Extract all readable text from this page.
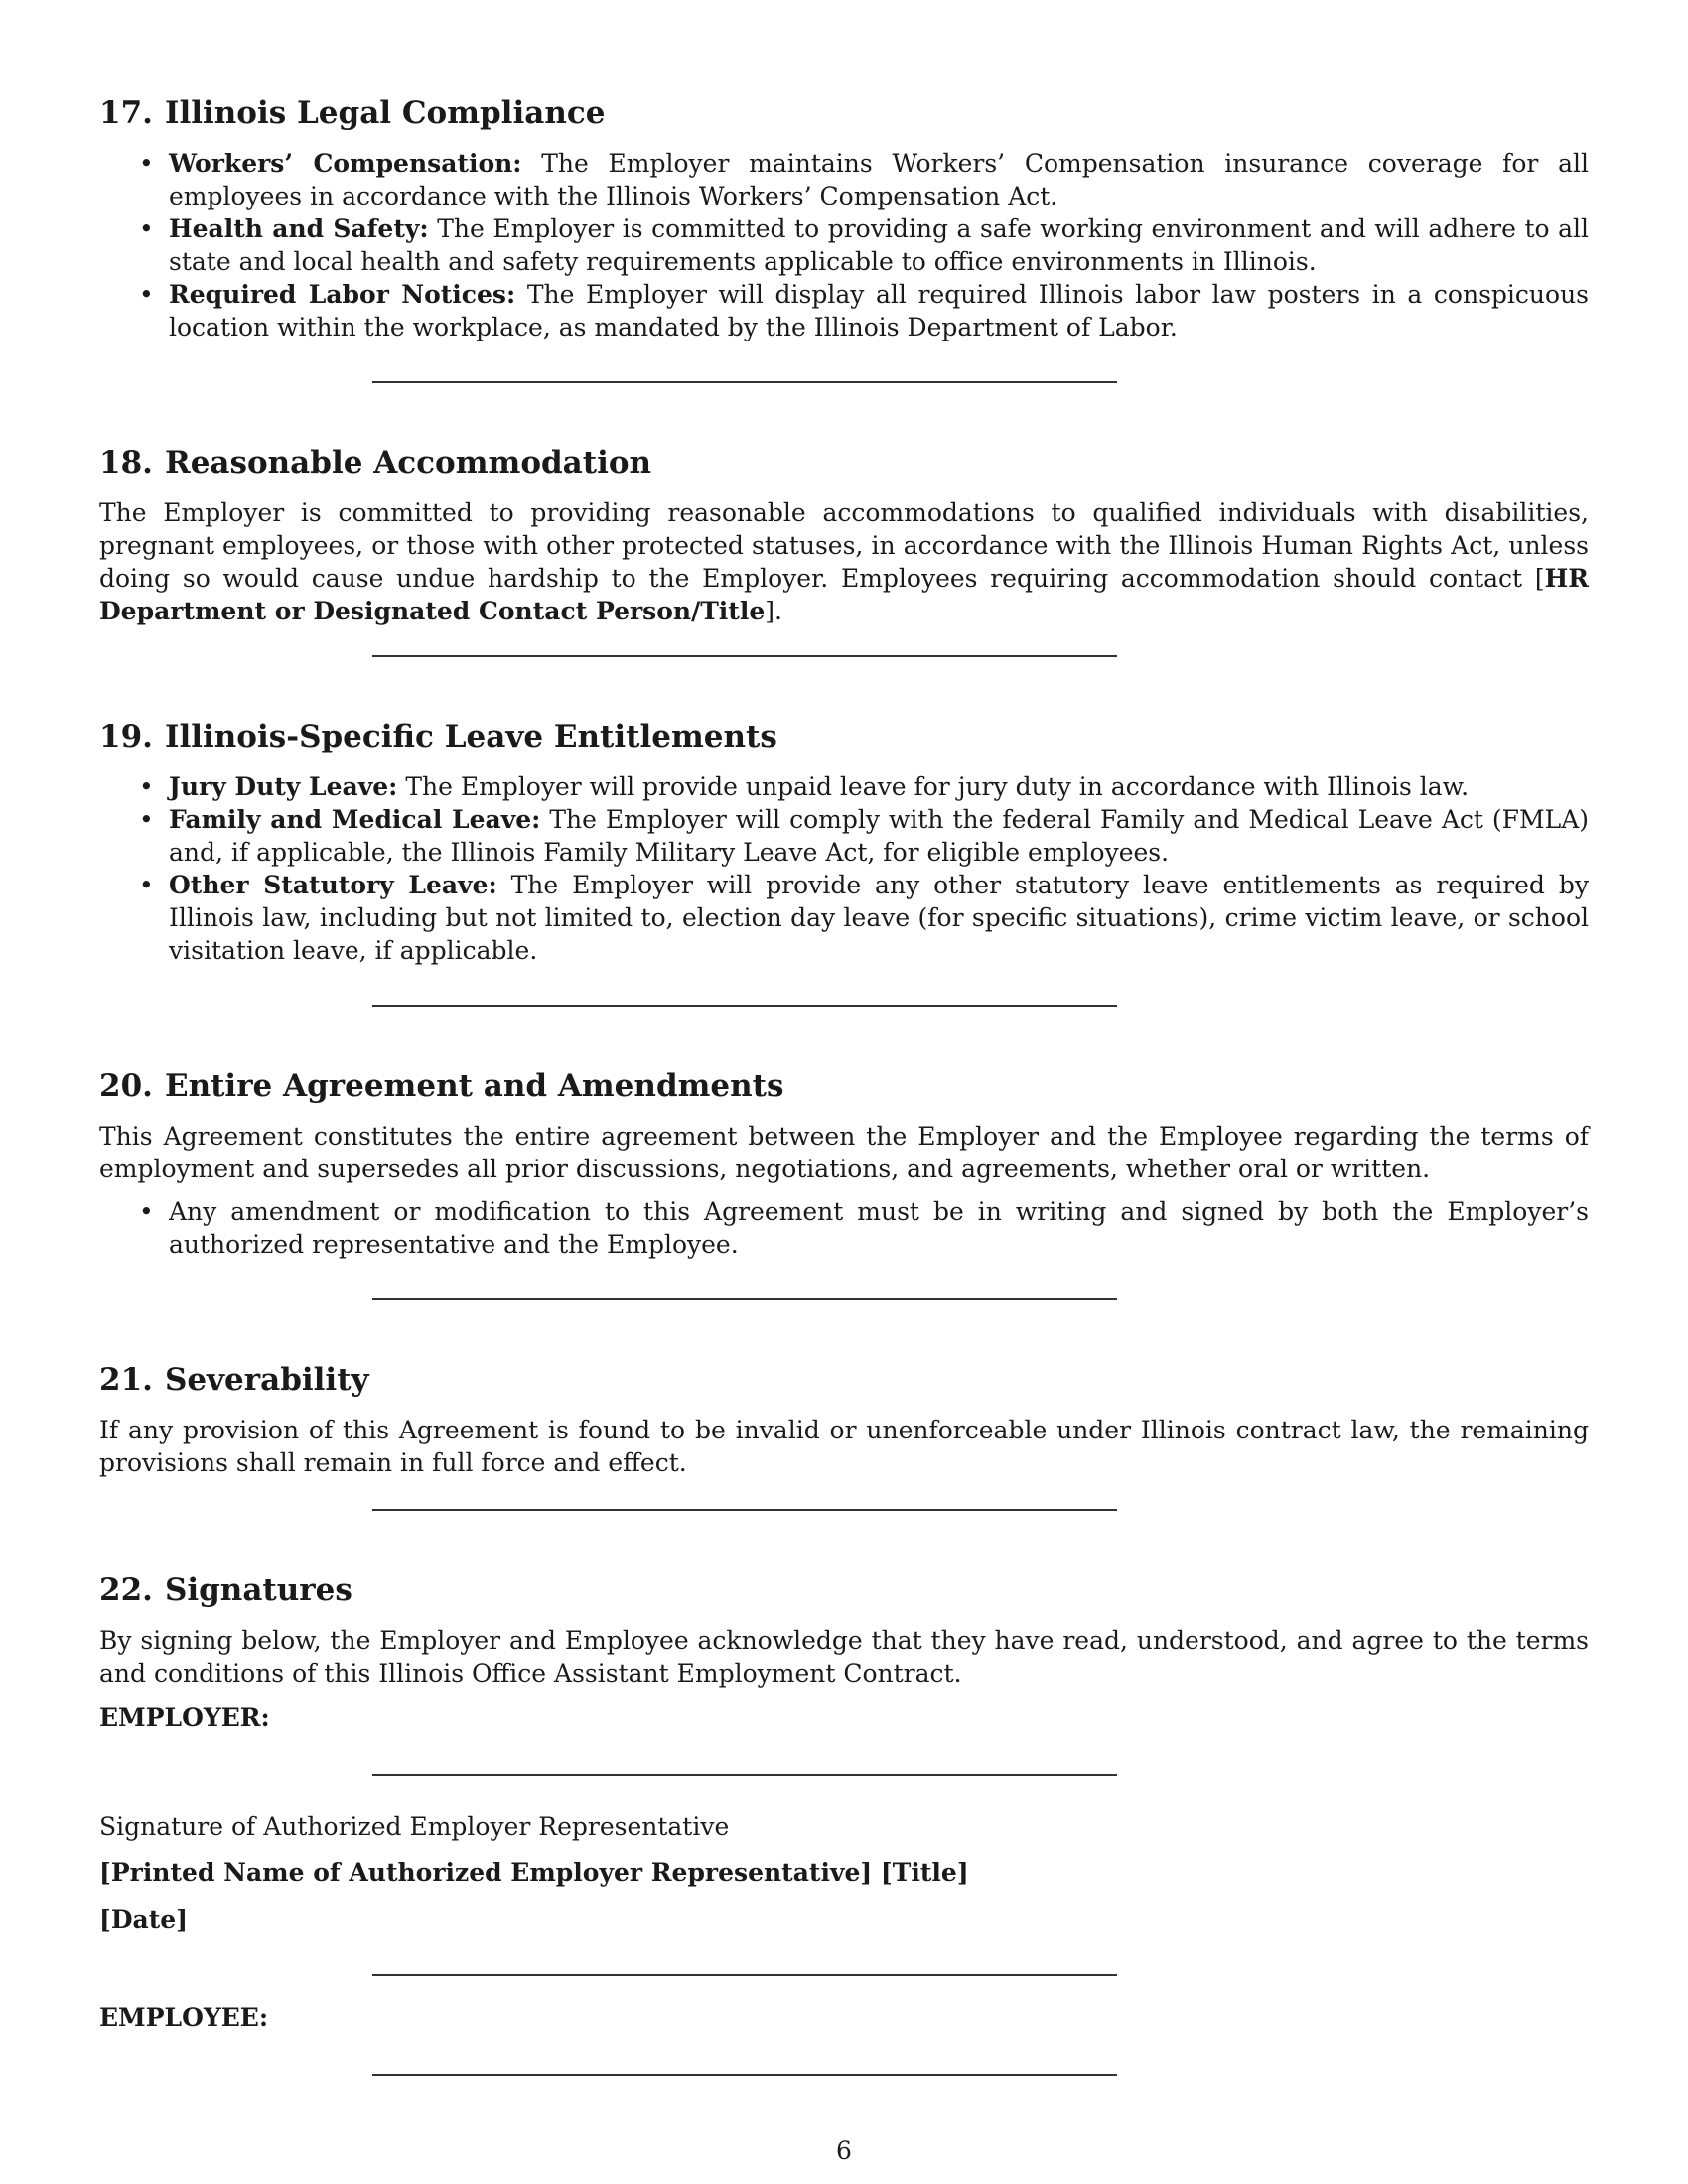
17. Illinois Legal Compliance
• Workers’ Compensation: The Employer maintains Workers’ Compensation insurance coverage for all employees in accordance with the Illinois Workers’ Compensation Act.
• Health and Safety: The Employer is committed to providing a safe working environment and will adhere to all state and local health and safety requirements applicable to office environments in Illinois.
• Required Labor Notices: The Employer will display all required Illinois labor law posters in a conspicuous location within the workplace, as mandated by the Illinois Department of Labor.
18. Reasonable Accommodation

The Employer is committed to providing reasonable accommodations to qualified individuals with disabilities, pregnant employees, or those with other protected statuses, in accordance with the Illinois Human Rights Act, unless doing so would cause undue hardship to the Employer. Employees requiring accommodation should contact [HR Department or Designated Contact Person/Title].

19. Illinois-Specific Leave Entitlements
• Jury Duty Leave: The Employer will provide unpaid leave for jury duty in accordance with Illinois law.
• Family and Medical Leave: The Employer will comply with the federal Family and Medical Leave Act (FMLA) and, if applicable, the Illinois Family Military Leave Act, for eligible employees.
• Other Statutory Leave: The Employer will provide any other statutory leave entitlements as required by Illinois law, including but not limited to, election day leave (for specific situations), crime victim leave, or school visitation leave, if applicable.
20. Entire Agreement and Amendments

This Agreement constitutes the entire agreement between the Employer and the Employee regarding the terms of employment and supersedes all prior discussions, negotiations, and agreements, whether oral or written.

• Any amendment or modification to this Agreement must be in writing and signed by both the Employer’s authorized representative and the Employee.
21. Severability

If any provision of this Agreement is found to be invalid or unenforceable under Illinois contract law, the remaining provisions shall remain in full force and effect.

22. Signatures

By signing below, the Employer and Employee acknowledge that they have read, understood, and agree to the terms and conditions of this Illinois Office Assistant Employment Contract.

EMPLOYER:
Signature of Authorized Employer Representative
[Printed Name of Authorized Employer Representative] [Title]
[Date]
EMPLOYEE:
6
